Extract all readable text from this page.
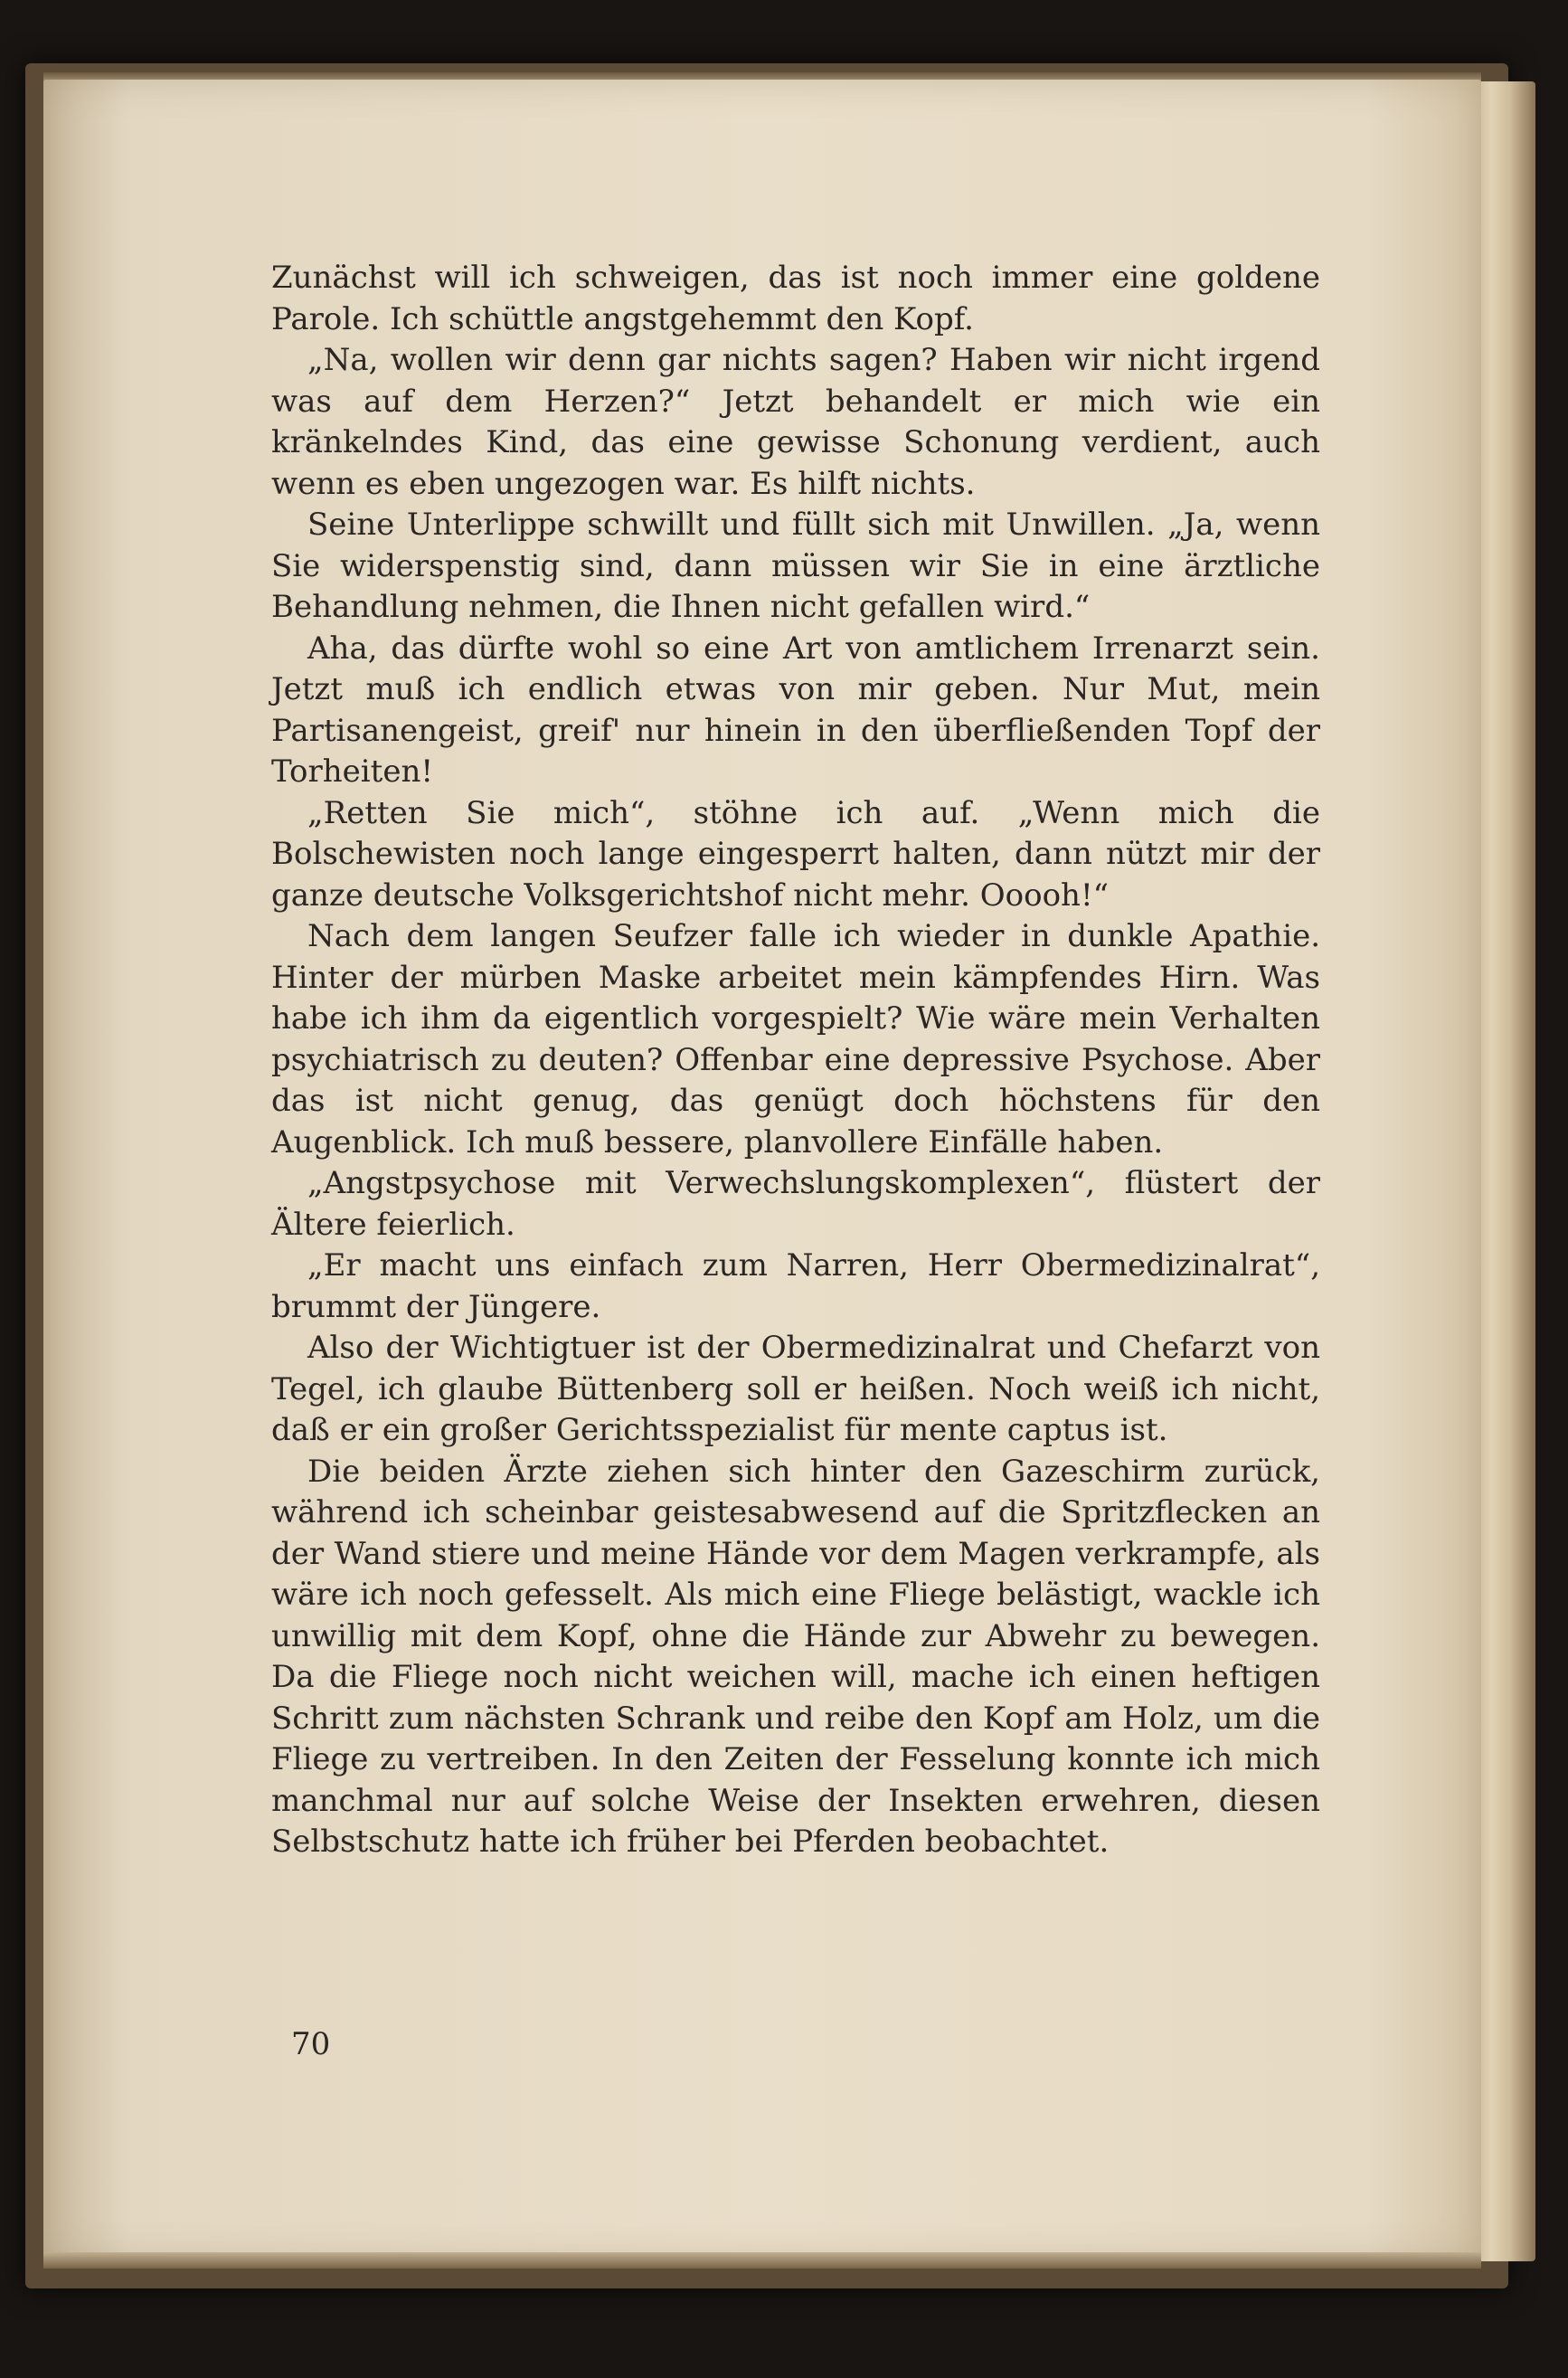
Zunächst will ich schweigen, das ist noch immer eine goldene Parole. Ich schüttle angstgehemmt den Kopf.

„Na, wollen wir denn gar nichts sagen? Haben wir nicht irgend was auf dem Herzen?“ Jetzt behandelt er mich wie ein kränkelndes Kind, das eine gewisse Schonung verdient, auch wenn es eben ungezogen war. Es hilft nichts.

Seine Unterlippe schwillt und füllt sich mit Unwillen. „Ja, wenn Sie widerspenstig sind, dann müssen wir Sie in eine ärztliche Behandlung nehmen, die Ihnen nicht gefallen wird.“

Aha, das dürfte wohl so eine Art von amtlichem Irrenarzt sein. Jetzt muß ich endlich etwas von mir geben. Nur Mut, mein Partisanengeist, greif' nur hinein in den überfließenden Topf der Torheiten!

„Retten Sie mich“, stöhne ich auf. „Wenn mich die Bolschewisten noch lange eingesperrt halten, dann nützt mir der ganze deutsche Volksgerichtshof nicht mehr. Ooooh!“

Nach dem langen Seufzer falle ich wieder in dunkle Apathie. Hinter der mürben Maske arbeitet mein kämpfendes Hirn. Was habe ich ihm da eigentlich vorgespielt? Wie wäre mein Verhalten psychiatrisch zu deuten? Offenbar eine depressive Psychose. Aber das ist nicht genug, das genügt doch höchstens für den Augenblick. Ich muß bessere, planvollere Einfälle haben.

„Angstpsychose mit Verwechslungskomplexen“, flüstert der Ältere feierlich.

„Er macht uns einfach zum Narren, Herr Obermedizinalrat“, brummt der Jüngere.

Also der Wichtigtuer ist der Obermedizinalrat und Chefarzt von Tegel, ich glaube Büttenberg soll er heißen. Noch weiß ich nicht, daß er ein großer Gerichtsspezialist für mente captus ist.

Die beiden Ärzte ziehen sich hinter den Gazeschirm zurück, während ich scheinbar geistesabwesend auf die Spritzflecken an der Wand stiere und meine Hände vor dem Magen verkrampfe, als wäre ich noch gefesselt. Als mich eine Fliege belästigt, wackle ich unwillig mit dem Kopf, ohne die Hände zur Abwehr zu bewegen. Da die Fliege noch nicht weichen will, mache ich einen heftigen Schritt zum nächsten Schrank und reibe den Kopf am Holz, um die Fliege zu vertreiben. In den Zeiten der Fesselung konnte ich mich manchmal nur auf solche Weise der Insekten erwehren, diesen Selbstschutz hatte ich früher bei Pferden beobachtet.

70
